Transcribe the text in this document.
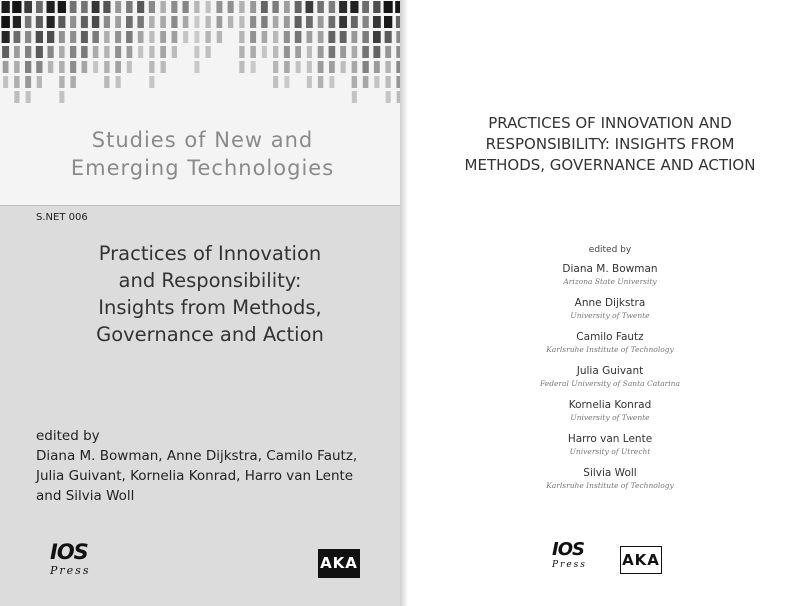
Studies of New and
Emerging Technologies
S.NET 006
Practices of Innovation
and Responsibility:
Insights from Methods,
Governance and Action
edited by
Diana M. Bowman, Anne Dijkstra, Camilo Fautz,
Julia Guivant, Kornelia Konrad, Harro van Lente
and Silvia Woll
IOS
Press	AKA
PRACTICES OF INNOVATION AND
RESPONSIBILITY: INSIGHTS FROM
METHODS, GOVERNANCE AND ACTION
edited by
Diana M. Bowman
Arizona State University
Anne Dijkstra
University of Twente
Camilo Fautz
Karlsruhe Institute of Technology
Julia Guivant
Federal University of Santa Catarina
Kornelia Konrad
University of Twente
Harro van Lente
University of Utrecht
Silvia Woll
Karlsruhe Institute of Technology
IOS
Press AKA
